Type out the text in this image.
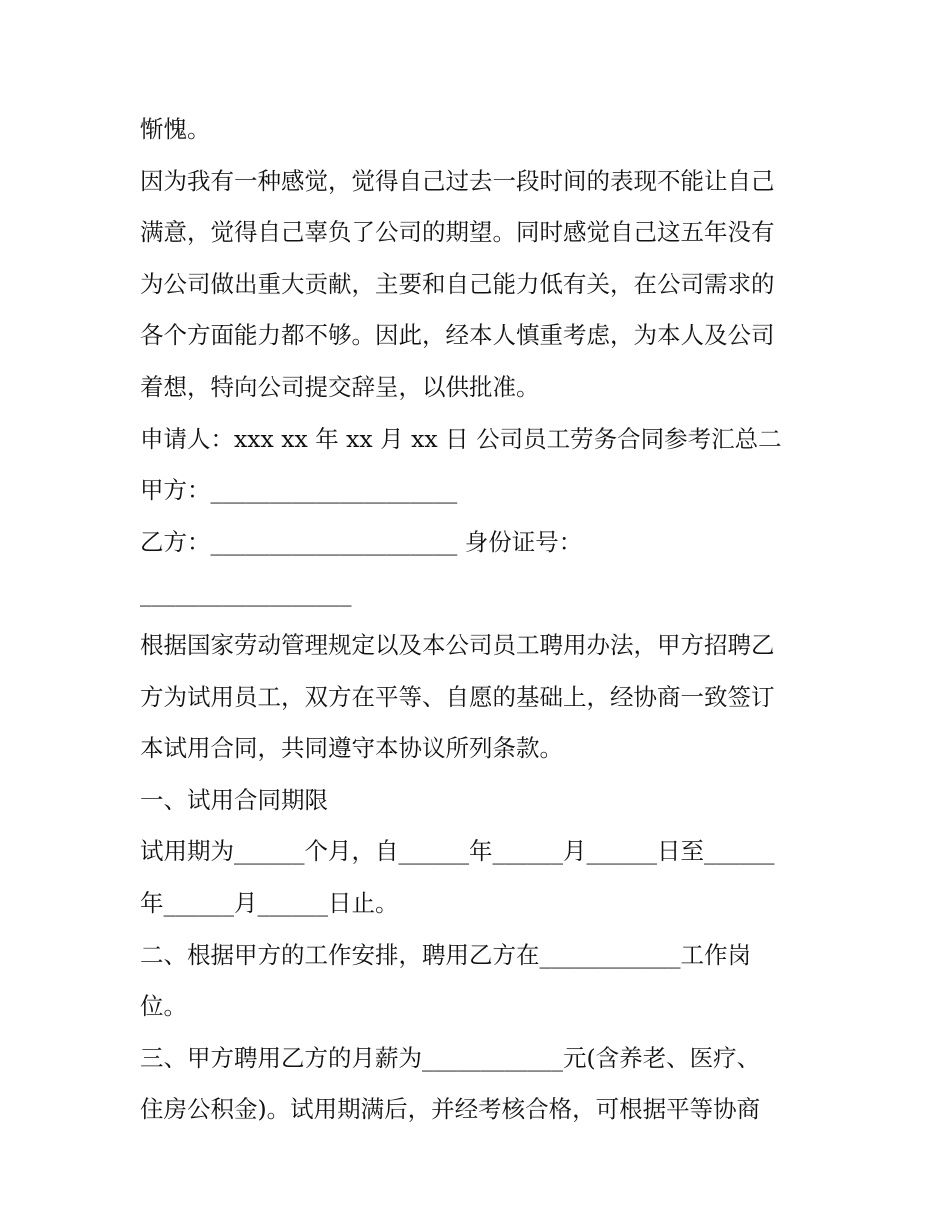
惭愧。
因为我有一种感觉，觉得自己过去一段时间的表现不能让自己
满意，觉得自己辜负了公司的期望。同时感觉自己这五年没有
为公司做出重大贡献，主要和自己能力低有关，在公司需求的
各个方面能力都不够。因此，经本人慎重考虑，为本人及公司
着想，特向公司提交辞呈，以供批准。
申请人：xxx xx 年 xx 月 xx 日 公司员工劳务合同参考汇总二
甲方：_____________________
乙方：_____________________ 身份证号：
__________________
根据国家劳动管理规定以及本公司员工聘用办法，甲方招聘乙
方为试用员工，双方在平等、自愿的基础上，经协商一致签订
本试用合同，共同遵守本协议所列条款。
一、试用合同期限
试用期为______个月，自______年______月______日至______
年______月______日止。
二、根据甲方的工作安排，聘用乙方在____________工作岗
位。
三、甲方聘用乙方的月薪为____________元(含养老、医疗、
住房公积金)。试用期满后，并经考核合格，可根据平等协商
